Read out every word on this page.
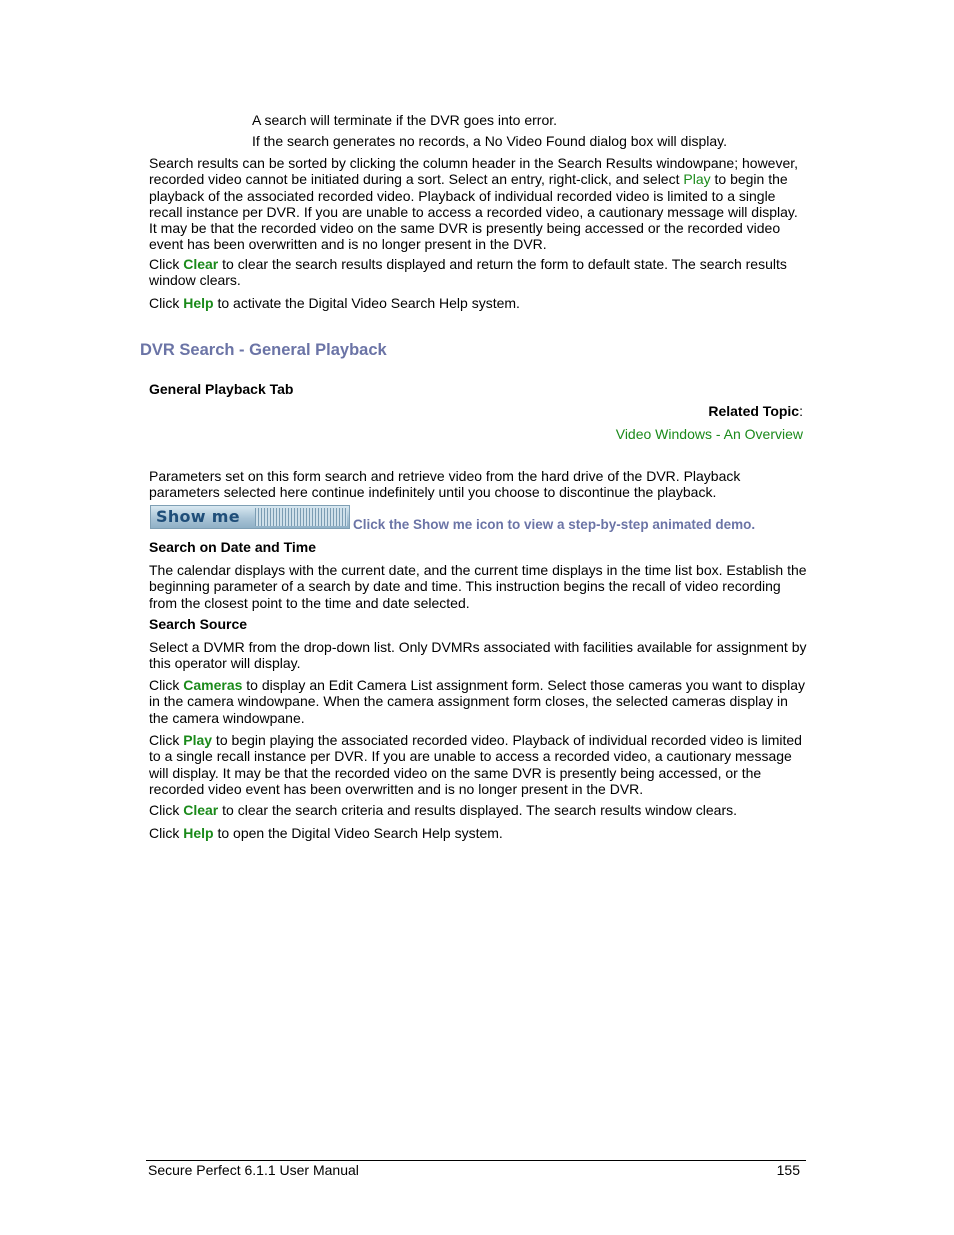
A search will terminate if the DVR goes into error.

If the search generates no records, a No Video Found dialog box will display.

Search results can be sorted by clicking the column header in the Search Results windowpane; however, recorded video cannot be initiated during a sort. Select an entry, right-click, and select Play to begin the playback of the associated recorded video. Playback of individual recorded video is limited to a single recall instance per DVR. If you are unable to access a recorded video, a cautionary message will display. It may be that the recorded video on the same DVR is presently being accessed or the recorded video event has been overwritten and is no longer present in the DVR.

Click Clear to clear the search results displayed and return the form to default state. The search results window clears.

Click Help to activate the Digital Video Search Help system.

DVR Search - General Playback

General Playback Tab

Related Topic:

Video Windows - An Overview

Parameters set on this form search and retrieve video from the hard drive of the DVR. Playback parameters selected here continue indefinitely until you choose to discontinue the playback.

Show me	Click the Show me icon to view a step-by-step animated demo.

Search on Date and Time

The calendar displays with the current date, and the current time displays in the time list box. Establish the beginning parameter of a search by date and time. This instruction begins the recall of video recording from the closest point to the time and date selected.

Search Source

Select a DVMR from the drop-down list. Only DVMRs associated with facilities available for assignment by this operator will display.

Click Cameras to display an Edit Camera List assignment form. Select those cameras you want to display in the camera windowpane. When the camera assignment form closes, the selected cameras display in the camera windowpane.

Click Play to begin playing the associated recorded video. Playback of individual recorded video is limited to a single recall instance per DVR. If you are unable to access a recorded video, a cautionary message will display. It may be that the recorded video on the same DVR is presently being accessed, or the recorded video event has been overwritten and is no longer present in the DVR.

Click Clear to clear the search criteria and results displayed. The search results window clears.

Click Help to open the Digital Video Search Help system.

Secure Perfect 6.1.1 User Manual	155
